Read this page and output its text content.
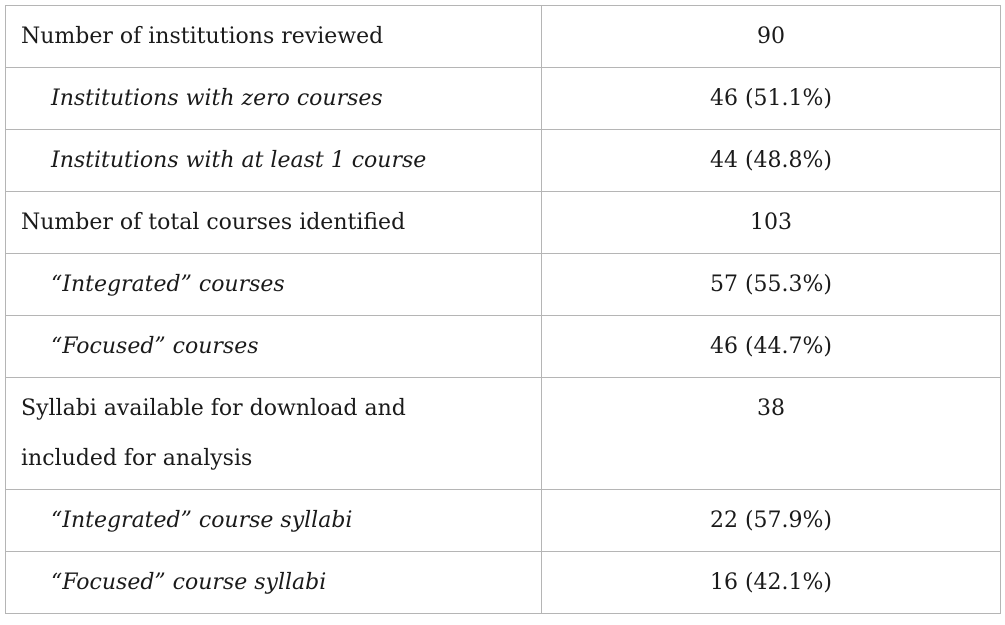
Number of institutions reviewed	90
Institutions with zero courses	46 (51.1%)
Institutions with at least 1 course	44 (48.8%)
Number of total courses identified	103
“Integrated” courses	57 (55.3%)
“Focused” courses	46 (44.7%)

Syllabi available for download and
included for analysis	38
“Integrated” course syllabi	22 (57.9%)
“Focused” course syllabi	16 (42.1%)
